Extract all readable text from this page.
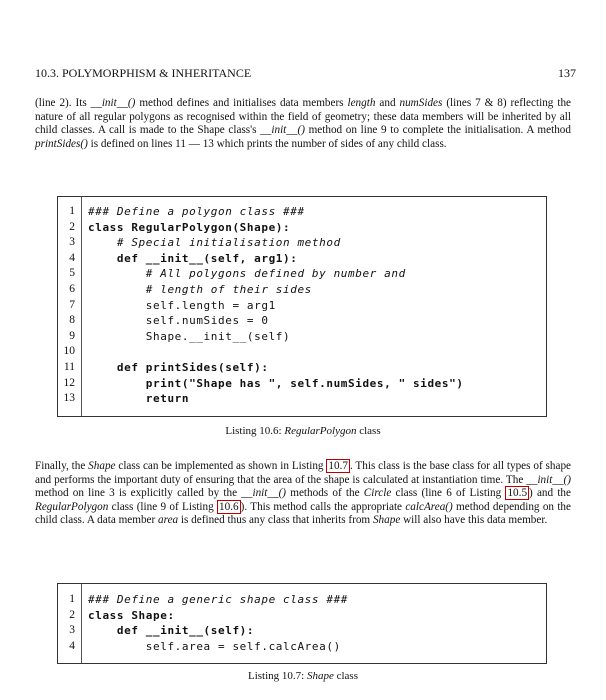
10.3. POLYMORPHISM & INHERITANCE	137
(line 2). Its __init__() method defines and initialises data members length and numSides (lines 7 & 8) reflecting the nature of all regular polygons as recognised within the field of geometry; these data members will be inherited by all child classes. A call is made to the Shape class's __init__() method on line 9 to complete the initialisation. A method printSides() is defined on lines 11 — 13 which prints the number of sides of any child class.
1 ### Define a polygon class ###
2 class RegularPolygon(Shape):
3 # Special initialisation method
4 def __init__(self, arg1):
5 # All polygons defined by number and
6 # length of their sides
7 self.length = arg1
8 self.numSides = 0
9 Shape.__init__(self)
10
11 def printSides(self):
12 print("Shape has ", self.numSides, " sides")
13 return
Listing 10.6: RegularPolygon class
Finally, the Shape class can be implemented as shown in Listing 10.7 . This class is the base class for all types of shape and performs the important duty of ensuring that the area of the shape is calculated at instantiation time. The __init__() method on line 3 is explicitly called by the __init__() methods of the Circle class (line 6 of Listing 10.5 ) and the RegularPolygon class (line 9 of Listing 10.6 ). This method calls the appropriate calcArea() method depending on the child class. A data member area is defined thus any class that inherits from Shape will also have this data member.
1 ### Define a generic shape class ###
2 class Shape:
3 def __init__(self):
4 self.area = self.calcArea()
Listing 10.7: Shape class
